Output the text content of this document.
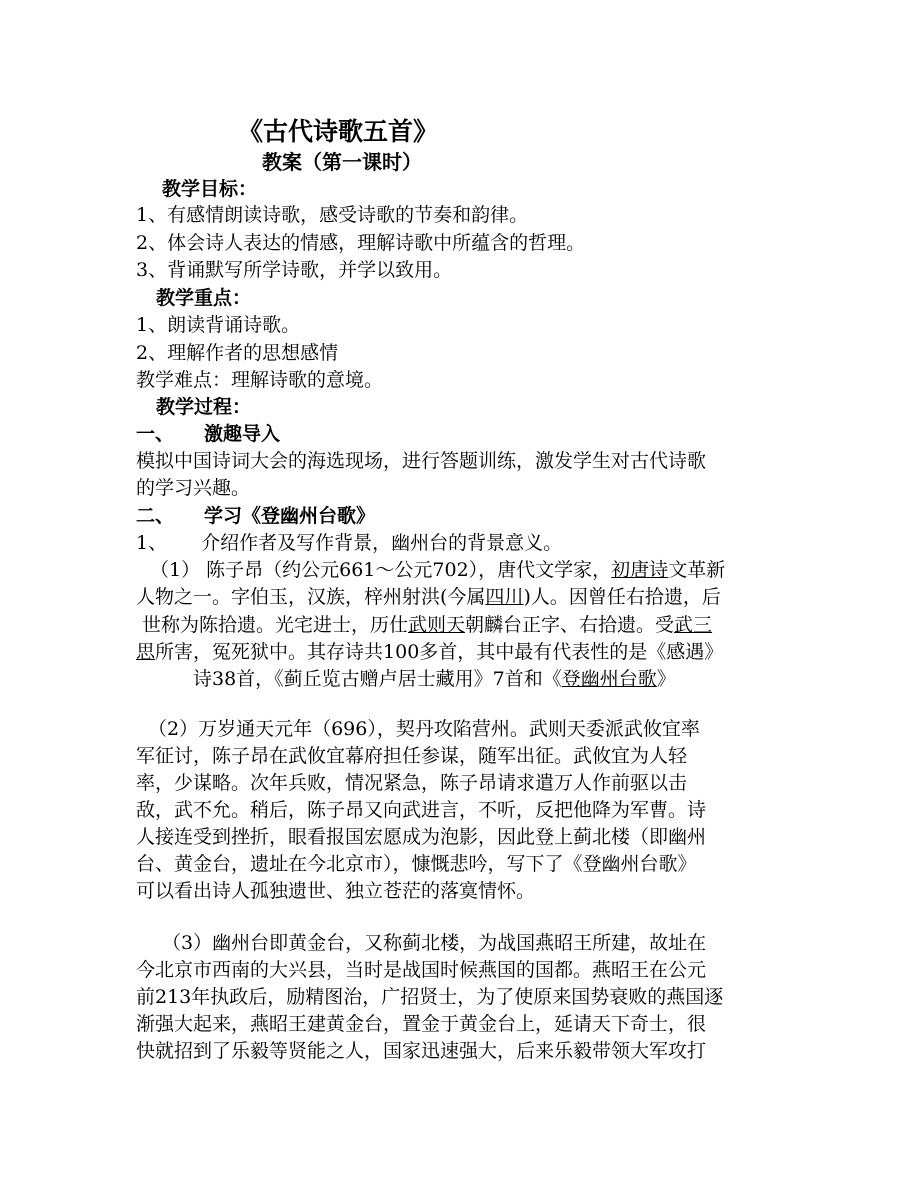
《古代诗歌五首》
教案（第一课时）
教学目标：
1、有感情朗读诗歌，感受诗歌的节奏和韵律。
2、体会诗人表达的情感，理解诗歌中所蕴含的哲理。
3、背诵默写所学诗歌，并学以致用。
教学重点：
1、朗读背诵诗歌。
2、理解作者的思想感情
教学难点：理解诗歌的意境。
教学过程：
一、 激趣导入
模拟中国诗词大会的海选现场，进行答题训练，激发学生对古代诗歌
的学习兴趣。
二、 学习《登幽州台歌》
1、 介绍作者及写作背景，幽州台的背景意义。
（1） 陈子昂（约公元661～公元702），唐代文学家，初唐诗文革新
人物之一。字伯玉，汉族，梓州射洪(今属四川)人。因曾任右拾遗，后
世称为陈拾遗。光宅进士，历仕武则天朝麟台正字、右拾遗。受武三
思所害，冤死狱中。其存诗共100多首，其中最有代表性的是《感遇》
诗38首，《蓟丘览古赠卢居士藏用》7首和《登幽州台歌》
（2）万岁通天元年（696），契丹攻陷营州。武则天委派武攸宜率
军征讨，陈子昂在武攸宜幕府担任参谋，随军出征。武攸宜为人轻
率，少谋略。次年兵败，情况紧急，陈子昂请求遣万人作前驱以击
敌，武不允。稍后，陈子昂又向武进言，不听，反把他降为军曹。诗
人接连受到挫折，眼看报国宏愿成为泡影，因此登上蓟北楼（即幽州
台、黄金台，遗址在今北京市），慷慨悲吟，写下了《登幽州台歌》
可以看出诗人孤独遗世、独立苍茫的落寞情怀。
（3）幽州台即黄金台，又称蓟北楼，为战国燕昭王所建，故址在
今北京市西南的大兴县，当时是战国时候燕国的国都。燕昭王在公元
前213年执政后，励精图治，广招贤士，为了使原来国势衰败的燕国逐
渐强大起来，燕昭王建黄金台，置金于黄金台上，延请天下奇士，很
快就招到了乐毅等贤能之人，国家迅速强大，后来乐毅带领大军攻打
